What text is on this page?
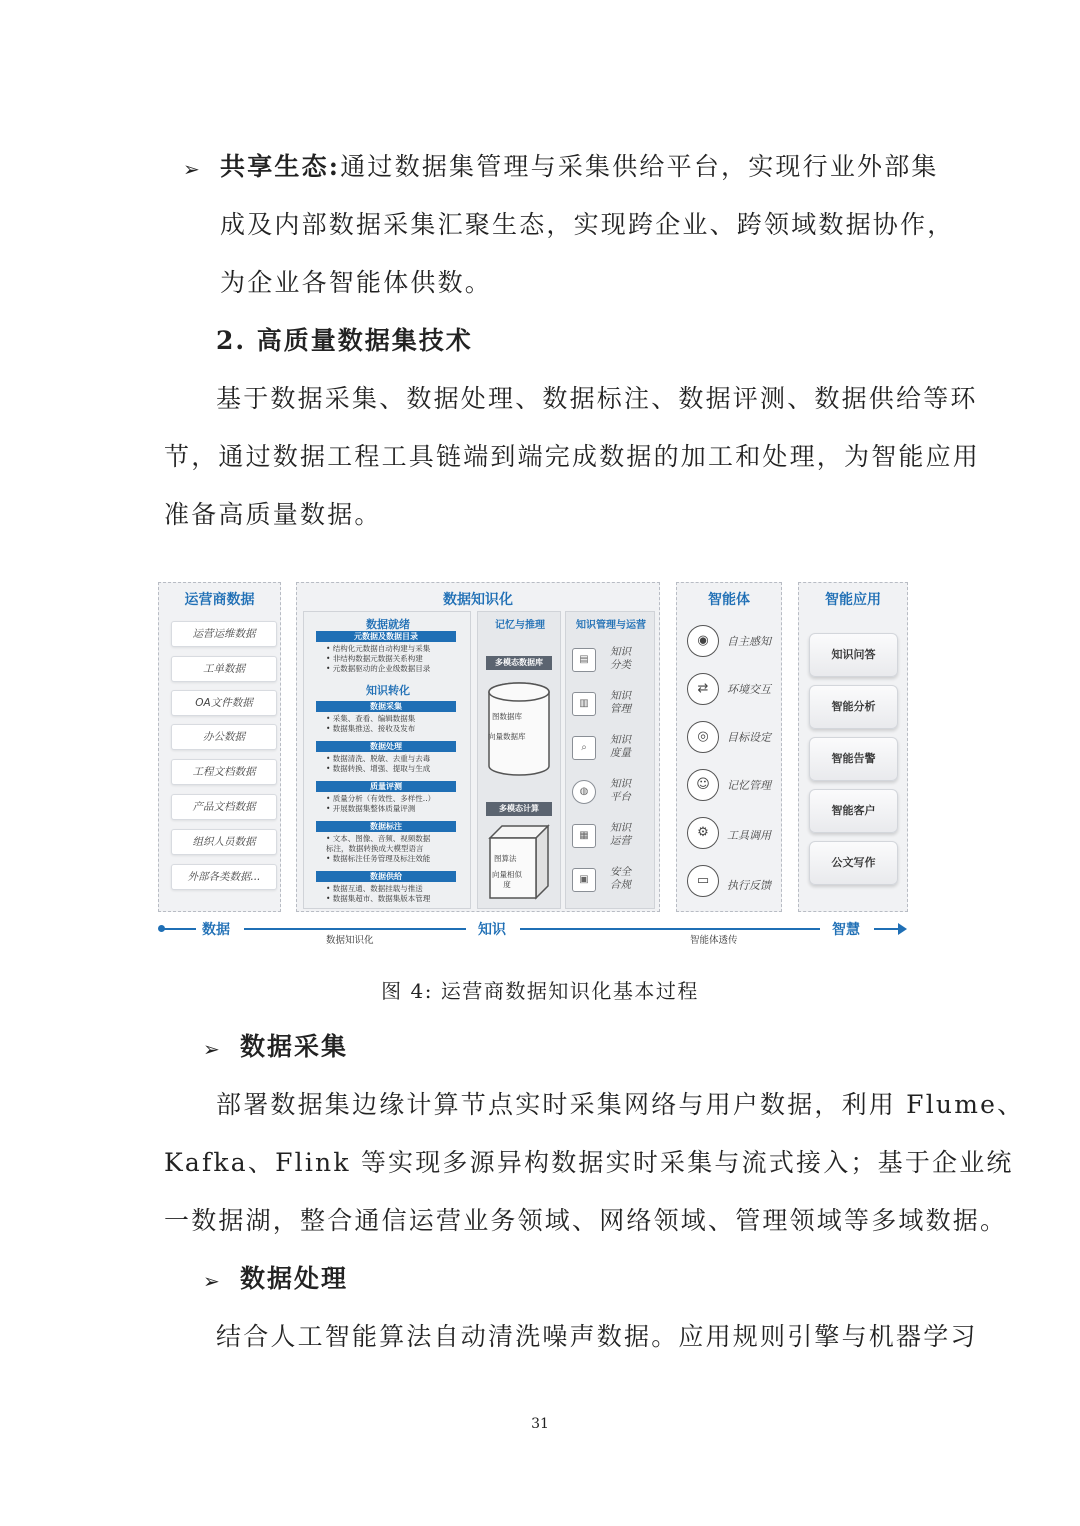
➢ 共享生态:通过数据集管理与采集供给平台，实现行业外部集
成及内部数据采集汇聚生态，实现跨企业、跨领域数据协作，
为企业各智能体供数。
2. 高质量数据集技术
基于数据采集、数据处理、数据标注、数据评测、数据供给等环
节，通过数据工程工具链端到端完成数据的加工和处理，为智能应用
准备高质量数据。
运营商数据
运营运维数据
工单数据
OA文件数据
办公数据
工程文档数据
产品文档数据
组织人员数据
外部各类数据...
数据知识化
数据就绪
元数据及数据目录
• 结构化元数据自动构建与采集
• 非结构数据元数据关系构建
• 元数据驱动的企业级数据目录
知识转化
数据采集
• 采集、查看、编辑数据集
• 数据集推送、接收及发布
数据处理
• 数据清洗、脱敏、去重与去毒
• 数据转换、增强、提取与生成
质量评测
• 质量分析（有效性、多样性..）
• 开展数据集整体质量评测
数据标注
• 文本、图像、音频、视频数据
标注，数据转换成大模型语言
• 数据标注任务管理及标注效能
数据供给
• 数据互通、数据挂载与推送
• 数据集超市、数据集版本管理
记忆与推理
多模态数据库
图数据库
向量数据库
多模态计算
图算法
向量相似度
知识管理与运营
▤
知识分类
▥
知识管理
⌕
知识度量
◍
知识平台
▦
知识运营
▣
安全合规
智能体
◉	自主感知
⇄	环境交互
◎	目标设定
☺	记忆管理
⚙	工具调用
▭	执行反馈
智能应用
知识问答
智能分析
智能告警
智能客户
公文写作
数据
数据知识化
知识
智能体透传
智慧
图 4: 运营商数据知识化基本过程
➢ 数据采集
部署数据集边缘计算节点实时采集网络与用户数据，利用 Flume、
Kafka、Flink 等实现多源异构数据实时采集与流式接入；基于企业统
一数据湖，整合通信运营业务领域、网络领域、管理领域等多域数据。
➢ 数据处理
结合人工智能算法自动清洗噪声数据。应用规则引擎与机器学习
31
